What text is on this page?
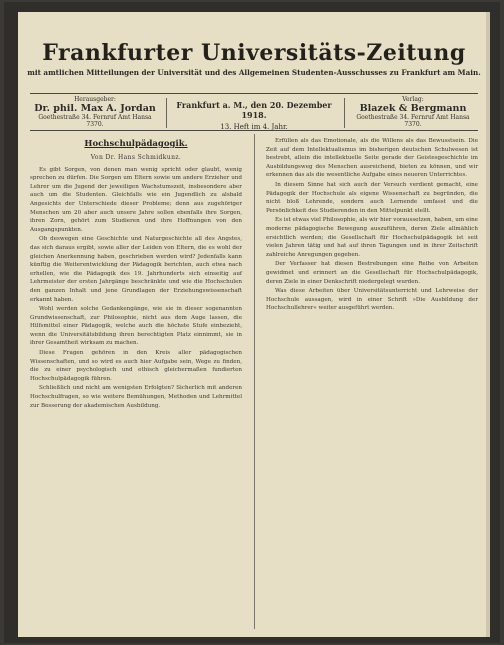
Frankfurter Universitäts-Zeitung
mit amtlichen Mitteilungen der Universität und des Allgemeinen Studenten-Ausschusses zu Frankfurt am Main.
Herausgeber:
Dr. phil. Max A. Jordan
Goethestraße 34. Fernruf Amt Hansa 7370.
Frankfurt a. M., den 20. Dezember 1918.
13. Heft im 4. Jahr.
Verlag:
Blazek & Bergmann
Goethestraße 34. Fernruf Amt Hansa 7370.
Hochschulpädagogik.
Von Dr. Hans Schmidkunz.

Es gibt Sorgen, von denen man wenig spricht oder glaubt, wenig sprechen zu dürfen. Die Sorgen um Eltern sowie um andere Erzieher und Lehrer um die Jugend der jeweiligen Wachstumszeit, insbesondere aber auch um die Studenten. Gleichfalls wie ein Jugendlich zu alsbald Angesichts der Unterschiede dieser Probleme; denn aus zugehöriger Menschen um 20 aber auch unsere Jahre sollen ebenfalls ihre Sorgen, ihren Zorn, gehört zum Studieren und ihre Hoffnungen von den Ausgangspunkten.

Ob deswegen eine Geschichte und Naturgeschichte all des Angstes, das sich daraus ergibt, sowie aller der Leiden von Eltern, die es wohl der gleichen Anerkennung haben, geschrieben werden wird? Jedenfalls kann künftig die Weiterentwicklung der Pädagogik berichten, auch etwa nach erhellen, wie die Pädagogik des 19. Jahrhunderts sich einseitig auf Lehrmeister der ersten Jahrgänge beschränkte und wie die Hochschulen den ganzen Inhalt und jene Grundlagen der Erziehungswissenschaft erkannt haben.

Wohl werden solche Gedankengänge, wie sie in dieser sogenannten Grundwissenschaft, zur Philosophie, nicht aus dem Auge lassen, die Hilfsmittel einer Pädagogik, welche auch die höchste Stufe einbezieht, wenn die Universitätsbildung ihren berechtigten Platz einnimmt, sie in ihrer Gesamtheit wirksam zu machen.

Diese Fragen gehören in den Kreis aller pädagogischen Wissenschaften, und so wird es auch hier Aufgabe sein, Wege zu finden, die zu einer psychologisch und ethisch gleichermaßen fundierten Hochschulpädagogik führen.

Schließlich und nicht am wenigsten Erfolgten? Sicherlich mit anderen Hochschulfragen, so wie weitere Bemühungen, Methoden und Lehrmittel zur Besserung der akademischen Ausbildung.

Erfüllen als das Emotionale, als die Willens als das Bewusstsein. Die Zeit auf dem Intellektualismus im bisherigen deutschen Schulwesen ist bestrebt, allein die intellektuelle Seite gerade der Geistesgeschichte im Ausbildungsweg des Menschen ausreichend, bieten zu können, und wir erkennen das als die wesentliche Aufgabe eines neueren Unterrichtes.

In diesem Sinne hat sich auch der Versuch verdient gemacht, eine Pädagogik der Hochschule als eigene Wissenschaft zu begründen, die nicht bloß Lehrende, sondern auch Lernende umfasst und die Persönlichkeit des Studierenden in den Mittelpunkt stellt.

Es ist etwas viel Philosophie, als wir hier voraussetzen, haben, um eine moderne pädagogische Bewegung auszuführen, deren Ziele allmählich ersichtlich werden; die Gesellschaft für Hochschulpädagogik ist seit vielen Jahren tätig und hat auf ihren Tagungen und in ihrer Zeitschrift zahlreiche Anregungen gegeben.

Der Verfasser hat diesen Bestrebungen eine Reihe von Arbeiten gewidmet und erinnert an die Gesellschaft für Hochschulpädagogik, deren Ziele in einer Denkschrift niedergelegt wurden.

Was diese Arbeiten über Universitätsunterricht und Lehrweise der Hochschule aussagen, wird in einer Schrift »Die Ausbildung der Hochschullehrer« weiter ausgeführt werden.
